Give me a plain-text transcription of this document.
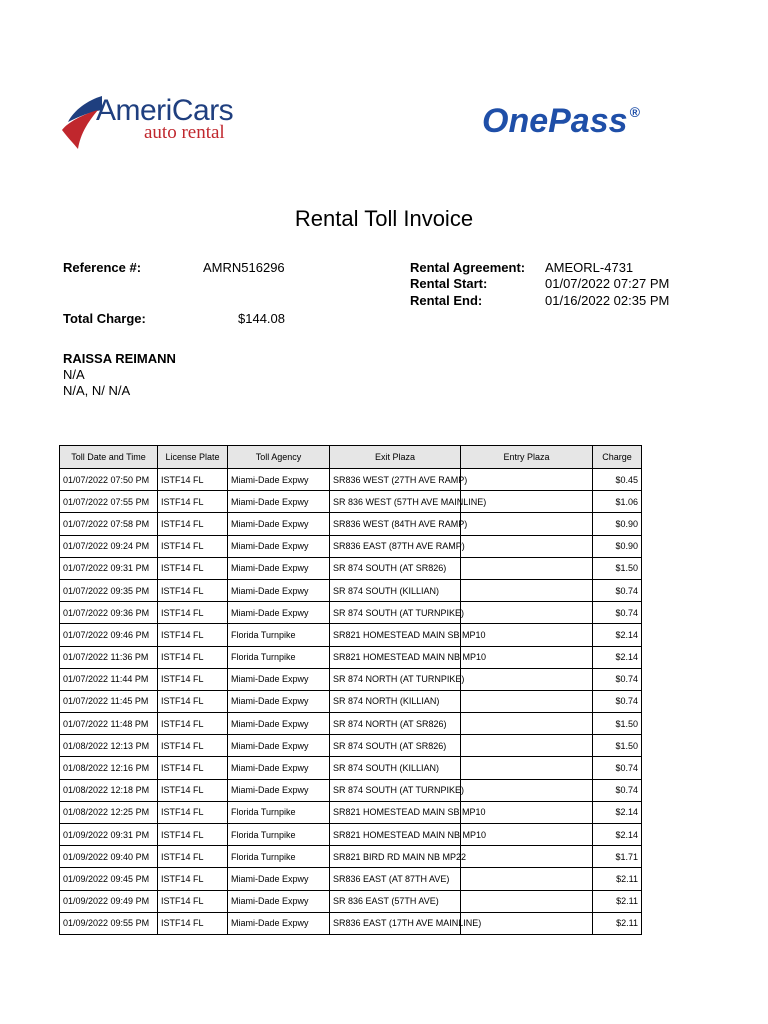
AmeriCars
auto rental	OnePass ®
Rental Toll Invoice
Reference #:	AMRN516296
Total Charge:	$144.08
Rental Agreement: AMEORL-4731
Rental Start:	01/07/2022 07:27 PM
Rental End:	01/16/2022 02:35 PM
RAISSA REIMANN
N/A
N/A, N/ N/A
Toll Date and Time	License Plate	Toll Agency	Exit Plaza	Entry Plaza	Charge
01/07/2022 07:50 PM	ISTF14 FL	Miami-Dade Expwy	SR836 WEST (27TH AVE RAMP)		$0.45
01/07/2022 07:55 PM	ISTF14 FL	Miami-Dade Expwy	SR 836 WEST (57TH AVE MAINLINE)		$1.06
01/07/2022 07:58 PM	ISTF14 FL	Miami-Dade Expwy	SR836 WEST (84TH AVE RAMP)		$0.90
01/07/2022 09:24 PM	ISTF14 FL	Miami-Dade Expwy	SR836 EAST (87TH AVE RAMP)		$0.90
01/07/2022 09:31 PM	ISTF14 FL	Miami-Dade Expwy	SR 874 SOUTH (AT SR826)		$1.50
01/07/2022 09:35 PM	ISTF14 FL	Miami-Dade Expwy	SR 874 SOUTH (KILLIAN)		$0.74
01/07/2022 09:36 PM	ISTF14 FL	Miami-Dade Expwy	SR 874 SOUTH (AT TURNPIKE)		$0.74
01/07/2022 09:46 PM	ISTF14 FL	Florida Turnpike	SR821 HOMESTEAD MAIN SB MP10		$2.14
01/07/2022 11:36 PM	ISTF14 FL	Florida Turnpike	SR821 HOMESTEAD MAIN NB MP10		$2.14
01/07/2022 11:44 PM	ISTF14 FL	Miami-Dade Expwy	SR 874 NORTH (AT TURNPIKE)		$0.74
01/07/2022 11:45 PM	ISTF14 FL	Miami-Dade Expwy	SR 874 NORTH (KILLIAN)		$0.74
01/07/2022 11:48 PM	ISTF14 FL	Miami-Dade Expwy	SR 874 NORTH (AT SR826)		$1.50
01/08/2022 12:13 PM	ISTF14 FL	Miami-Dade Expwy	SR 874 SOUTH (AT SR826)		$1.50
01/08/2022 12:16 PM	ISTF14 FL	Miami-Dade Expwy	SR 874 SOUTH (KILLIAN)		$0.74
01/08/2022 12:18 PM	ISTF14 FL	Miami-Dade Expwy	SR 874 SOUTH (AT TURNPIKE)		$0.74
01/08/2022 12:25 PM	ISTF14 FL	Florida Turnpike	SR821 HOMESTEAD MAIN SB MP10		$2.14
01/09/2022 09:31 PM	ISTF14 FL	Florida Turnpike	SR821 HOMESTEAD MAIN NB MP10		$2.14
01/09/2022 09:40 PM	ISTF14 FL	Florida Turnpike	SR821 BIRD RD MAIN NB MP22		$1.71
01/09/2022 09:45 PM	ISTF14 FL	Miami-Dade Expwy	SR836 EAST (AT 87TH AVE)		$2.11
01/09/2022 09:49 PM	ISTF14 FL	Miami-Dade Expwy	SR 836 EAST (57TH AVE)		$2.11
01/09/2022 09:55 PM	ISTF14 FL	Miami-Dade Expwy	SR836 EAST (17TH AVE MAINLINE)		$2.11
